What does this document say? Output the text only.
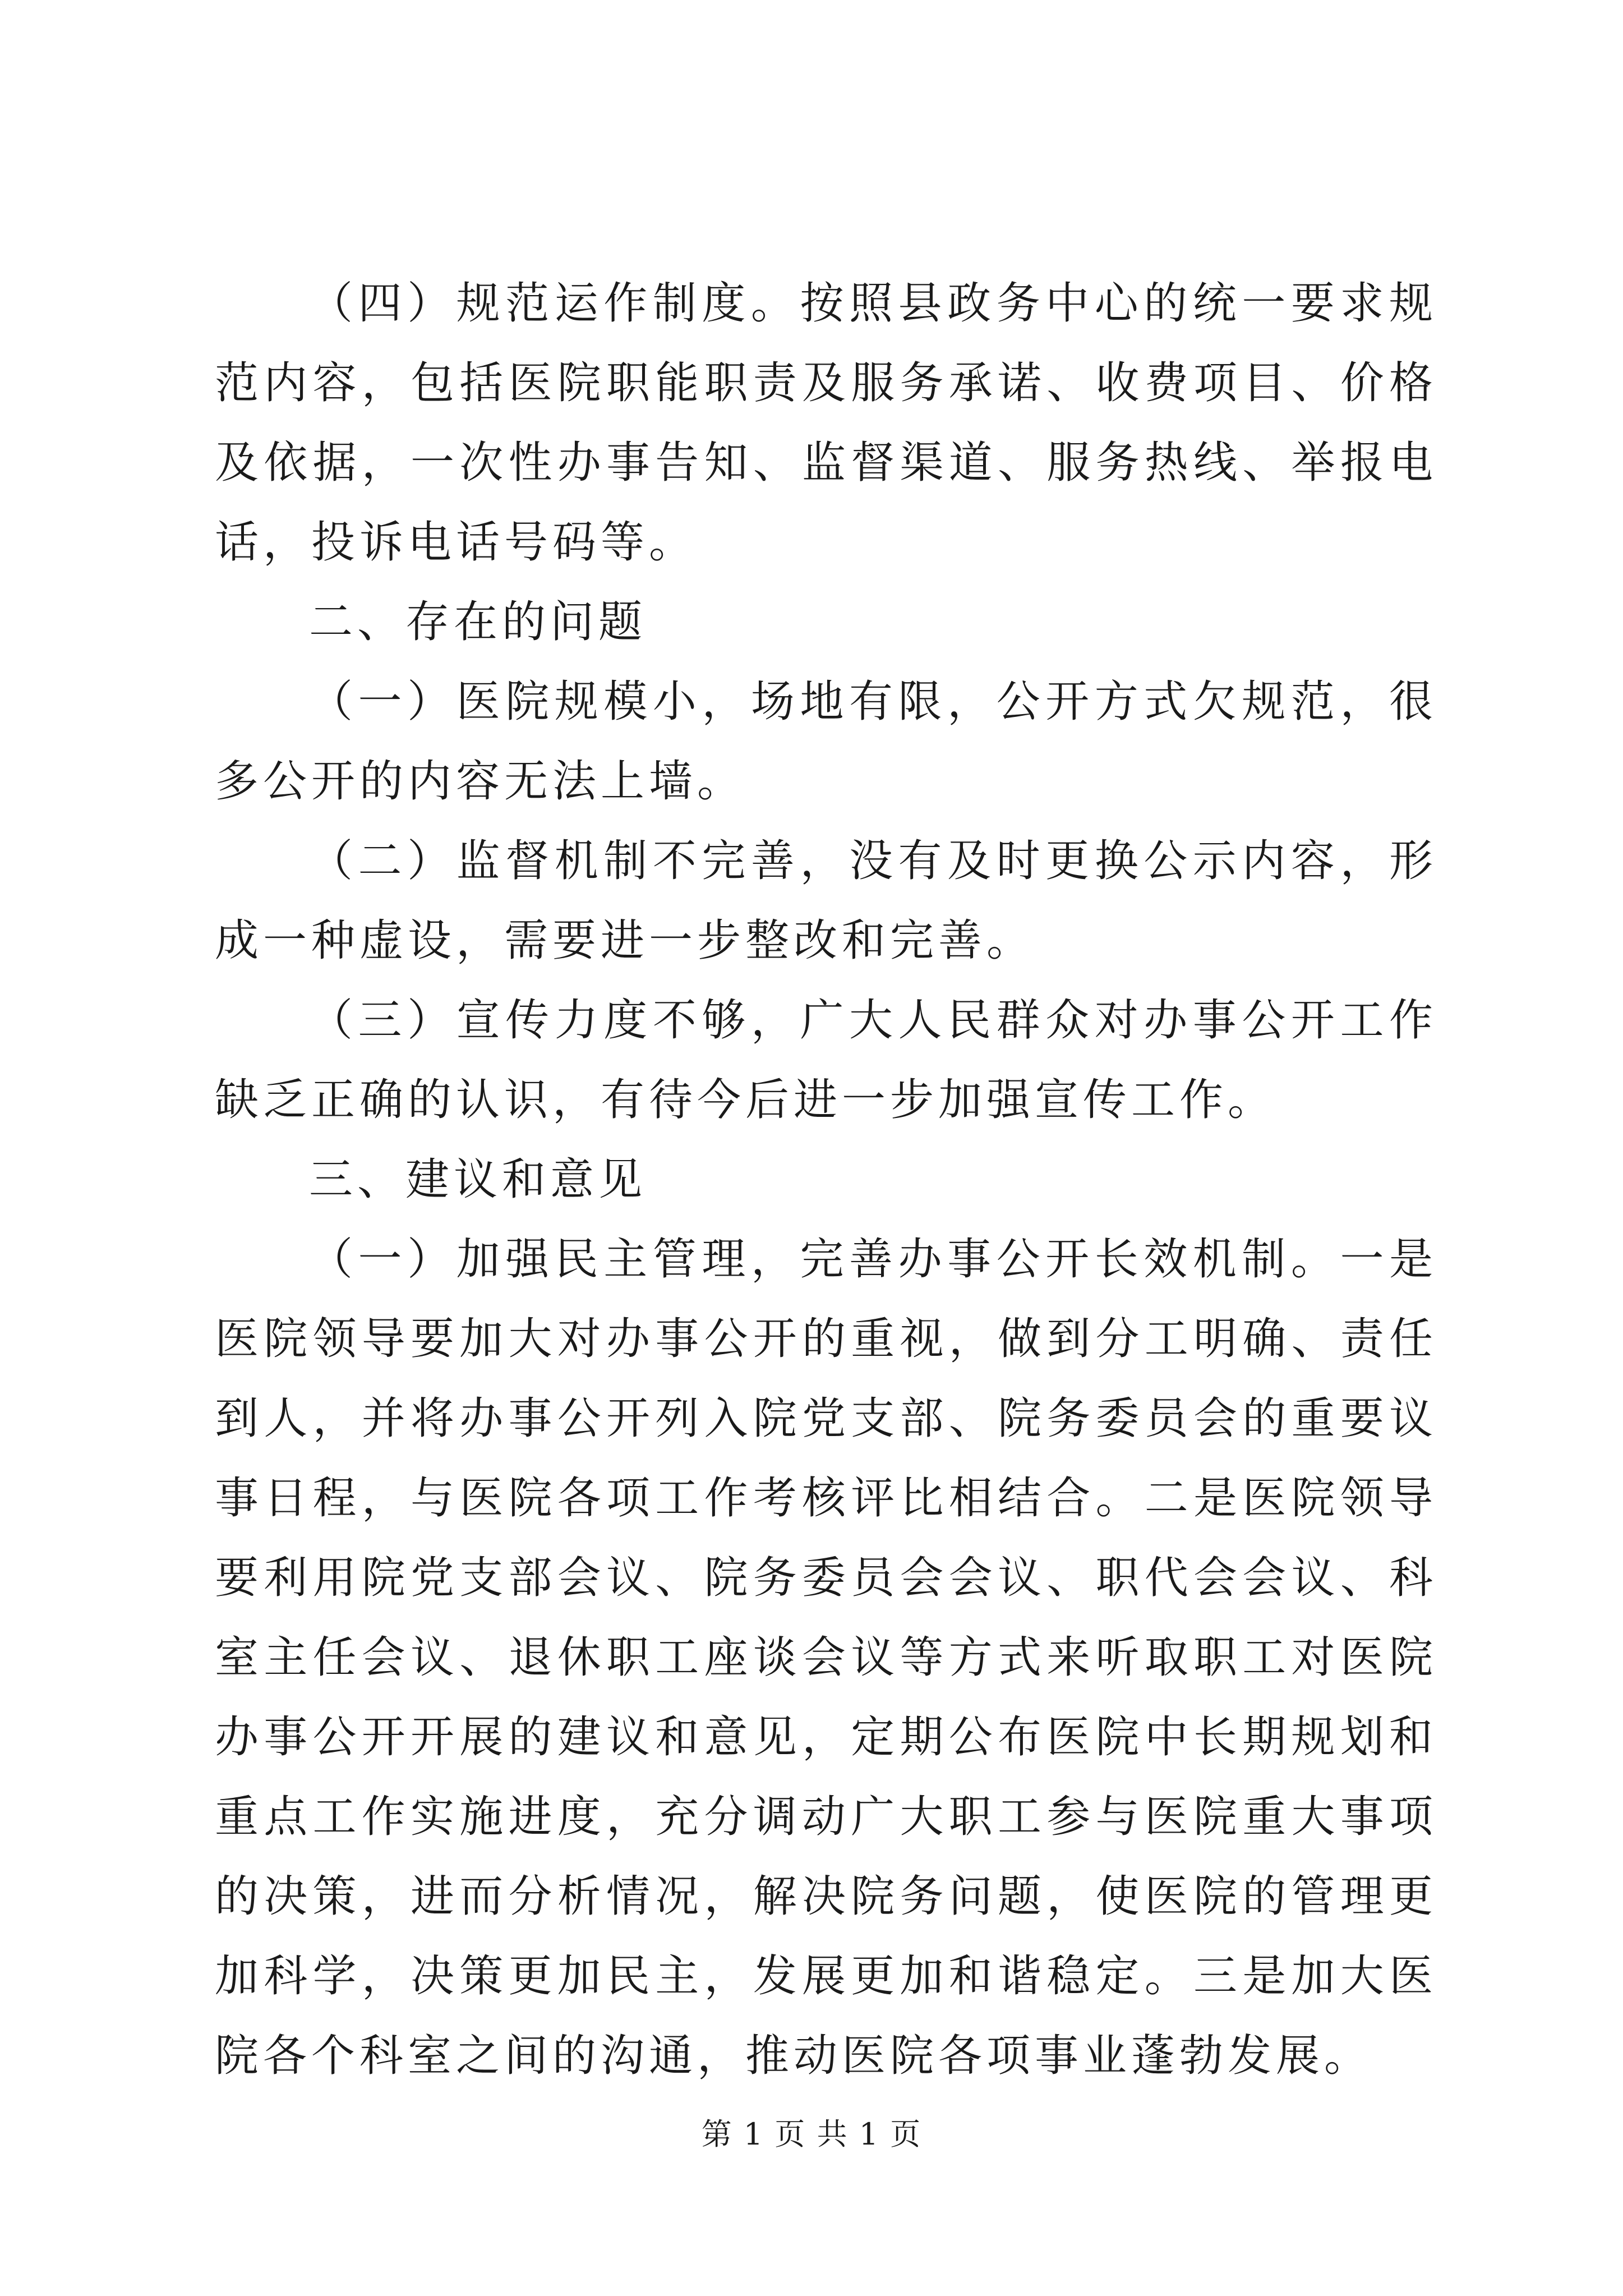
（四）规范运作制度。按照县政务中心的统一要求规范内容，包括医院职能职责及服务承诺、收费项目、价格及依据，一次性办事告知、监督渠道、服务热线、举报电话，投诉电话号码等。

二、存在的问题

（一）医院规模小，场地有限，公开方式欠规范，很多公开的内容无法上墙。

（二）监督机制不完善，没有及时更换公示内容，形成一种虚设，需要进一步整改和完善。

（三）宣传力度不够，广大人民群众对办事公开工作缺乏正确的认识，有待今后进一步加强宣传工作。

三、建议和意见

（一）加强民主管理，完善办事公开长效机制。一是医院领导要加大对办事公开的重视，做到分工明确、责任到人，并将办事公开列入院党支部、院务委员会的重要议事日程，与医院各项工作考核评比相结合。二是医院领导要利用院党支部会议、院务委员会会议、职代会会议、科室主任会议、退休职工座谈会议等方式来听取职工对医院办事公开开展的建议和意见，定期公布医院中长期规划和重点工作实施进度，充分调动广大职工参与医院重大事项的决策，进而分析情况，解决院务问题，使医院的管理更加科学，决策更加民主，发展更加和谐稳定。三是加大医院各个科室之间的沟通，推动医院各项事业蓬勃发展。

第 1 页 共 1 页
